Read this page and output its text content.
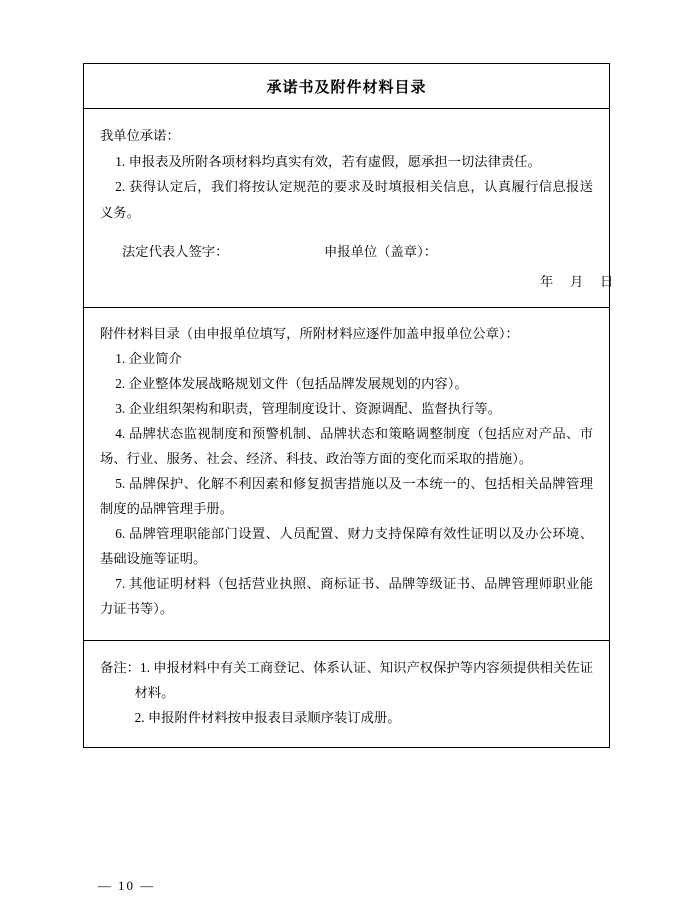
承诺书及附件材料目录

我单位承诺：

1. 申报表及所附各项材料均真实有效，若有虚假，愿承担一切法律责任。

2. 获得认定后，我们将按认定规范的要求及时填报相关信息，认真履行信息报送义务。

法定代表人签字：	申报单位（盖章）：
年 月 日

附件材料目录（由申报单位填写，所附材料应逐件加盖申报单位公章）：

1. 企业简介

2. 企业整体发展战略规划文件（包括品牌发展规划的内容）。

3. 企业组织架构和职责，管理制度设计、资源调配、监督执行等。

4. 品牌状态监视制度和预警机制、品牌状态和策略调整制度（包括应对产品、市场、行业、服务、社会、经济、科技、政治等方面的变化而采取的措施）。

5. 品牌保护、化解不利因素和修复损害措施以及一本统一的、包括相关品牌管理制度的品牌管理手册。

6. 品牌管理职能部门设置、人员配置、财力支持保障有效性证明以及办公环境、基础设施等证明。

7. 其他证明材料（包括营业执照、商标证书、品牌等级证书、品牌管理师职业能力证书等）。

备注：1. 申报材料中有关工商登记、体系认证、知识产权保护等内容须提供相关佐证材料。

2. 申报附件材料按申报表目录顺序装订成册。

— 10 —
